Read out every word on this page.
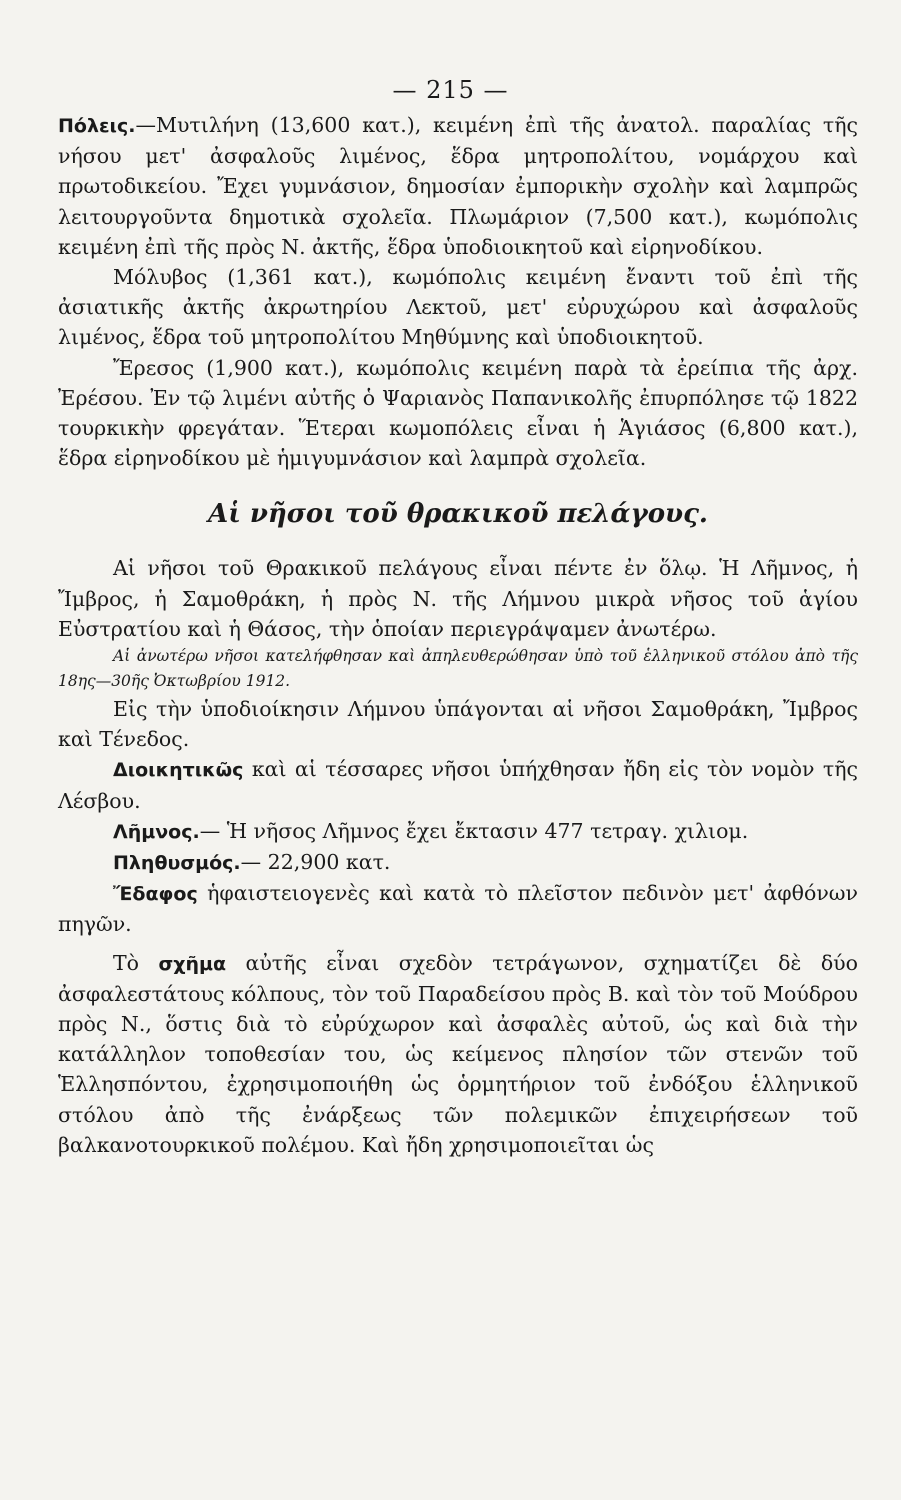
— 215 —

Πόλεις.—Μυτιλήνη (13,600 κατ.), κειμένη ἐπὶ τῆς ἀνατολ. παραλίας τῆς νήσου μετ' ἀσφαλοῦς λιμένος, ἕδρα μητροπολίτου, νομάρχου καὶ πρωτοδικείου. Ἔχει γυμνάσιον, δημοσίαν ἐμπορικὴν σχολὴν καὶ λαμπρῶς λειτουργοῦντα δημοτικὰ σχολεῖα. Πλωμάριον (7,500 κατ.), κωμόπολις κειμένη ἐπὶ τῆς πρὸς Ν. ἀκτῆς, ἕδρα ὑποδιοικητοῦ καὶ εἰρηνοδίκου.

Μόλυβος (1,361 κατ.), κωμόπολις κειμένη ἔναντι τοῦ ἐπὶ τῆς ἀσιατικῆς ἀκτῆς ἀκρωτηρίου Λεκτοῦ, μετ' εὐρυχώρου καὶ ἀσφαλοῦς λιμένος, ἕδρα τοῦ μητροπολίτου Μηθύμνης καὶ ὑποδιοικητοῦ.

Ἔρεσος (1,900 κατ.), κωμόπολις κειμένη παρὰ τὰ ἐρείπια τῆς ἀρχ. Ἐρέσου. Ἐν τῷ λιμένι αὐτῆς ὁ Ψαριανὸς Παπανικολῆς ἐπυρπόλησε τῷ 1822 τουρκικὴν φρεγάταν. Ἕτεραι κωμοπόλεις εἶναι ἡ Ἁγιάσος (6,800 κατ.), ἕδρα εἰρηνοδίκου μὲ ἡμιγυμνάσιον καὶ λαμπρὰ σχολεῖα.

Αἱ νῆσοι τοῦ θρακικοῦ πελάγους.

Αἱ νῆσοι τοῦ Θρακικοῦ πελάγους εἶναι πέντε ἐν ὅλῳ. Ἡ Λῆμνος, ἡ Ἴμβρος, ἡ Σαμοθράκη, ἡ πρὸς Ν. τῆς Λήμνου μικρὰ νῆσος τοῦ ἁγίου Εὐστρατίου καὶ ἡ Θάσος, τὴν ὁποίαν περιεγράψαμεν ἀνωτέρω.

Αἱ ἀνωτέρω νῆσοι κατελήφθησαν καὶ ἀπηλευθερώθησαν ὑπὸ τοῦ ἑλληνικοῦ στόλου ἀπὸ τῆς 18ης—30ῆς Ὀκτωβρίου 1912.

Εἰς τὴν ὑποδιοίκησιν Λήμνου ὑπάγονται αἱ νῆσοι Σαμοθράκη, Ἴμβρος καὶ Τένεδος.

Διοικητικῶς καὶ αἱ τέσσαρες νῆσοι ὑπήχθησαν ἤδη εἰς τὸν νομὸν τῆς Λέσβου.

Λῆμνος.— Ἡ νῆσος Λῆμνος ἔχει ἔκτασιν 477 τετραγ. χιλιομ.

Πληθυσμός.— 22,900 κατ.

Ἔδαφος ἡφαιστειογενὲς καὶ κατὰ τὸ πλεῖστον πεδινὸν μετ' ἀφθόνων πηγῶν.

Τὸ σχῆμα αὐτῆς εἶναι σχεδὸν τετράγωνον, σχηματίζει δὲ δύο ἀσφαλεστάτους κόλπους, τὸν τοῦ Παραδείσου πρὸς Β. καὶ τὸν τοῦ Μούδρου πρὸς Ν., ὅστις διὰ τὸ εὐρύχωρον καὶ ἀσφαλὲς αὐτοῦ, ὡς καὶ διὰ τὴν κατάλληλον τοποθεσίαν του, ὡς κείμενος πλησίον τῶν στενῶν τοῦ Ἑλλησπόντου, ἐχρησιμοποιήθη ὡς ὁρμητήριον τοῦ ἐνδόξου ἑλληνικοῦ στόλου ἀπὸ τῆς ἐνάρξεως τῶν πολεμικῶν ἐπιχειρήσεων τοῦ βαλκανοτουρκικοῦ πολέμου. Καὶ ἤδη χρησιμοποιεῖται ὡς
